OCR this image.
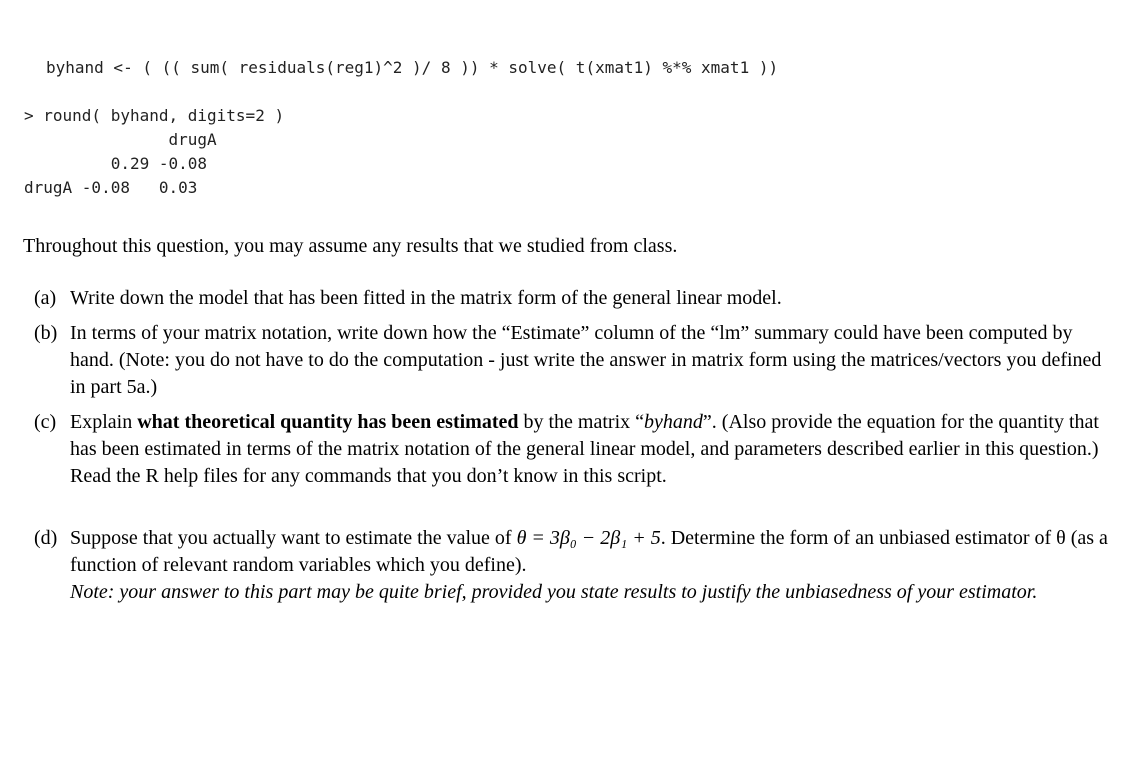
byhand <- ( (( sum( residuals(reg1)^2 )/ 8 )) * solve( t(xmat1) %*% xmat1 ))
> round( byhand, digits=2 )
drugA
0.29 -0.08
drugA -0.08   0.03

Throughout this question, you may assume any results that we studied from class.

(a) Write down the model that has been fitted in the matrix form of the general linear model.

(b) In terms of your matrix notation, write down how the “Estimate” column of the “lm” summary could have been computed by hand. (Note: you do not have to do the computation - just write the answer in matrix form using the matrices/vectors you defined in part 5a.)

(c) Explain what theoretical quantity has been estimated by the matrix “byhand”. (Also provide the equation for the quantity that has been estimated in terms of the matrix notation of the general linear model, and parameters described earlier in this question.)

Read the R help files for any commands that you don’t know in this script.

(d) Suppose that you actually want to estimate the value of θ = 3β₀ − 2β₁ + 5. Determine the form of an unbiased estimator of θ (as a function of relevant random variables which you define).

Note: your answer to this part may be quite brief, provided you state results to justify the unbiasedness of your estimator.
